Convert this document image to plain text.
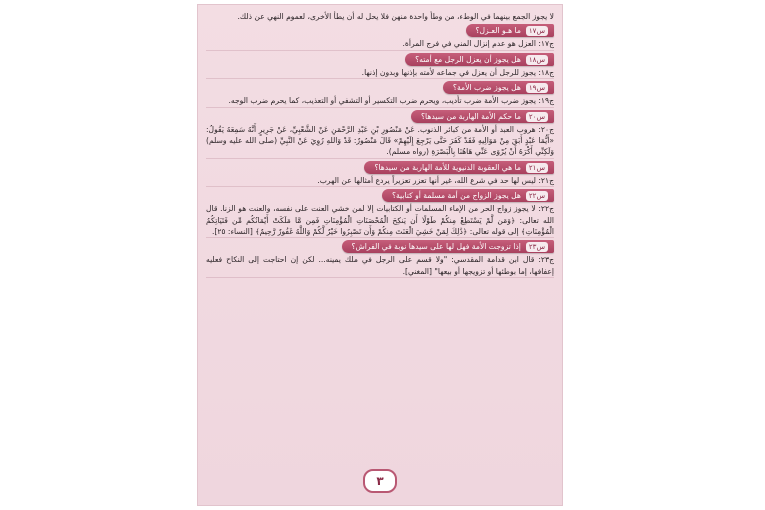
لا يجوز الجمع بينهما في الوطء، من وطأ واحدة منهن فلا يحل له أن يطأ الأخرى، لعموم النهي عن ذلك.

س١٧ما هـو العـزل؟

ج١٧: العزل هو عدم إنزال المني في فرج المرأة.

س١٨هل يجوز أن يعزل الرجل مع أمته؟

ج١٨: يجوز للرجل أن يعزل في جماعه لأمته بإذنها وبدون إذنها.

س١٩هل يجوز ضرب الأمة؟

ج١٩: يجوز ضرب الأمة ضرب تأديب، ويحرم ضرب التكسير أو التشفي أو التعذيب، كما يحرم ضرب الوجه.

س٢٠ما حكم الأمة الهاربة من سيدها؟

ج٢٠: هروب العبد أو الأمة من كبائر الذنوب. عَنْ مَنْصُورِ بْنِ عَبْدِ الرَّحْمَنِ عَنْ الشَّعْبِيِّ، عَنْ جَرِيرٍ أَنَّهُ سَمِعَهُ يَقُولُ: «أَيُّمَا عَبْدٍ أَبَقَ مِنْ مَوَالِيهِ فَقَدْ كَفَرَ حَتَّى يَرْجِعَ إِلَيْهِمْ» قَالَ مَنْصُورٌ: قَدْ وَاللهِ رُوِيَ عَنْ النَّبِيِّ (صلى الله عليه وسلم) وَلَكِنِّي أَكْرَهُ أَنْ يُرْوَى عَنِّي هَاهُنَا بِالْبَصْرَةِ (رواه مسلم).

س٢١ما هي العقوبة الدنيوية للأمة الهاربة من سيدها؟

ج٢١: ليس لها حد في شرع الله، غير أنها تعزر تعزيراً يردع أمثالها عن الهرب.

س٢٢هل يجوز الزواج من أمة مسلمة أو كتابية؟

ج٢٢: لا يجوز زواج الحر من الإماء المسلمات أو الكتابيات إلا لمن خشي العنت على نفسه، والعنت هو الزنا. قال الله تعالى: ﴿وَمَن لَّمْ يَسْتَطِعْ مِنكُمْ طَوْلًا أَن يَنكِحَ الْمُحْصَنَاتِ الْمُؤْمِنَاتِ فَمِن مَّا مَلَكَتْ أَيْمَانُكُم مِّن فَتَيَاتِكُمُ الْمُؤْمِنَاتِ﴾ إلى قوله تعالى: ﴿ذَٰلِكَ لِمَنْ خَشِيَ الْعَنَتَ مِنكُمْ وَأَن تَصْبِرُوا خَيْرٌ لَّكُمْ وَاللَّهُ غَفُورٌ رَّحِيمٌ﴾ [النساء: ٢٥].

س٢٣إذا تزوجت الأمة فهل لها على سيدها نوبة في الفراش؟

ج٢٣: قال ابن قدامة المقدسي: "ولا قسم على الرجل في ملك يمينه... لكن إن احتاجت إلى النكاح فعليه إعفافها، إما بوطئها أو تزويجها أو بيعها" [المغني].

٣
